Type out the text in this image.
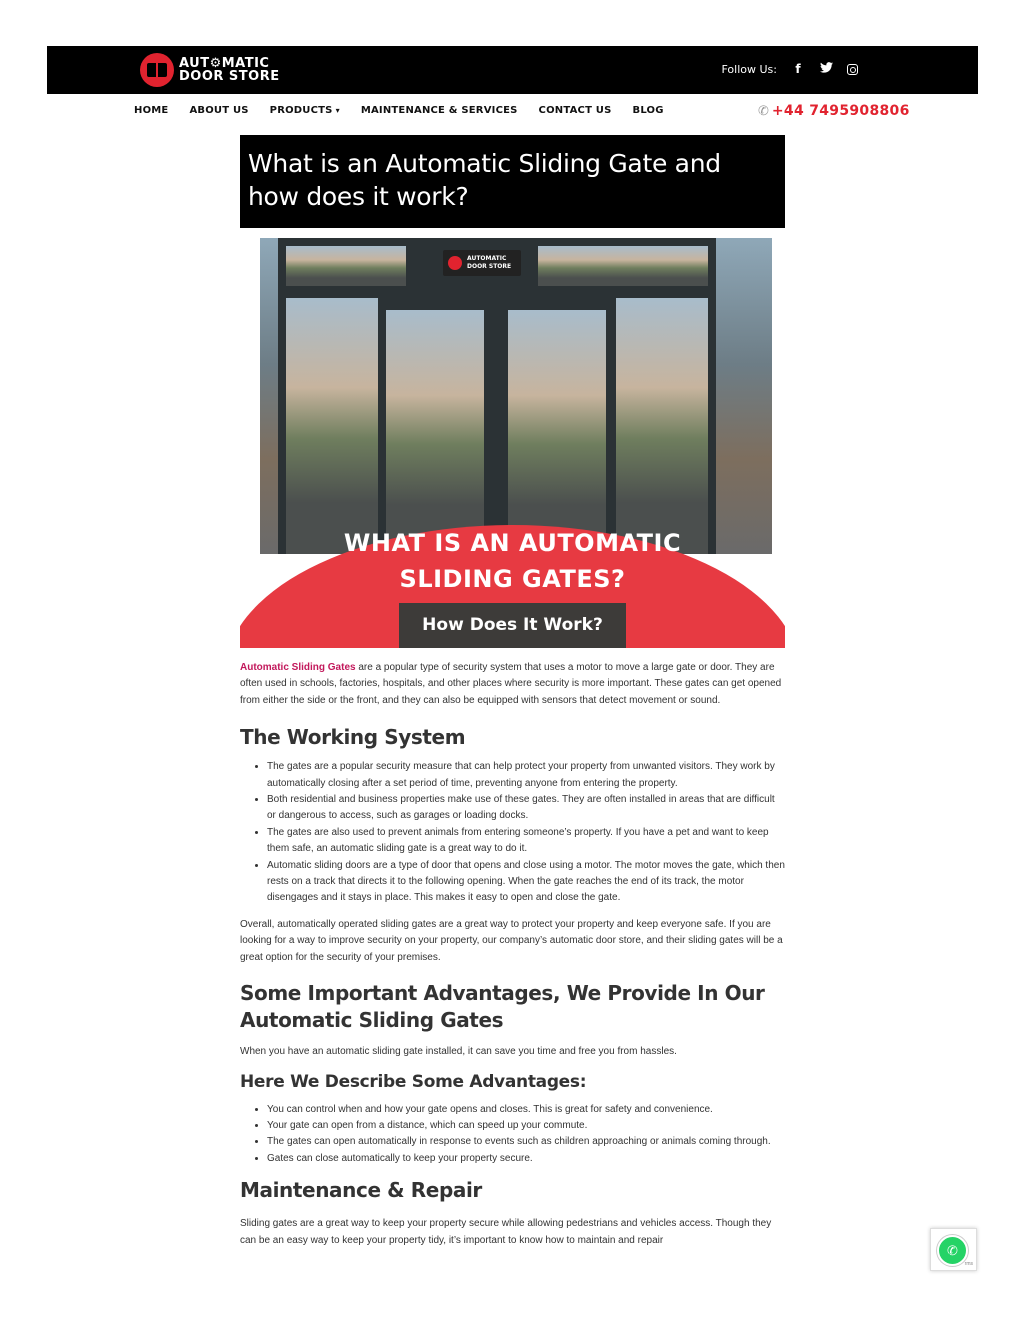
AUT⚙MATIC
DOOR STORE	Follow Us:	f
HOME ABOUT US PRODUCTS ▾ MAINTENANCE & SERVICES CONTACT US BLOG	✆ +44 7495908806
What is an Automatic Sliding Gate and how does it work?
AUTOMATIC
DOOR STORE
WHAT IS AN AUTOMATIC
SLIDING GATES?
How Does It Work?

Automatic Sliding Gates are a popular type of security system that uses a motor to move a large gate or door. They are often used in schools, factories, hospitals, and other places where security is more important. These gates can get opened from either the side or the front, and they can also be equipped with sensors that detect movement or sound.

The Working System
• The gates are a popular security measure that can help protect your property from unwanted visitors. They work by automatically closing after a set period of time, preventing anyone from entering the property.
• Both residential and business properties make use of these gates. They are often installed in areas that are difficult or dangerous to access, such as garages or loading docks.
• The gates are also used to prevent animals from entering someone’s property. If you have a pet and want to keep them safe, an automatic sliding gate is a great way to do it.
• Automatic sliding doors are a type of door that opens and close using a motor. The motor moves the gate, which then rests on a track that directs it to the following opening. When the gate reaches the end of its track, the motor disengages and it stays in place. This makes it easy to open and close the gate.

Overall, automatically operated sliding gates are a great way to protect your property and keep everyone safe. If you are looking for a way to improve security on your property, our company’s automatic door store, and their sliding gates will be a great option for the security of your premises.

Some Important Advantages, We Provide In Our Automatic Sliding Gates

When you have an automatic sliding gate installed, it can save you time and free you from hassles.

Here We Describe Some Advantages:
• You can control when and how your gate opens and closes. This is great for safety and convenience.
• Your gate can open from a distance, which can speed up your commute.
• The gates can open automatically in response to events such as children approaching or animals coming through.
• Gates can close automatically to keep your property secure.
Maintenance & Repair

Sliding gates are a great way to keep your property secure while allowing pedestrians and vehicles access. Though they can be an easy way to keep your property tidy, it’s important to know how to maintain and repair

✆
rms
